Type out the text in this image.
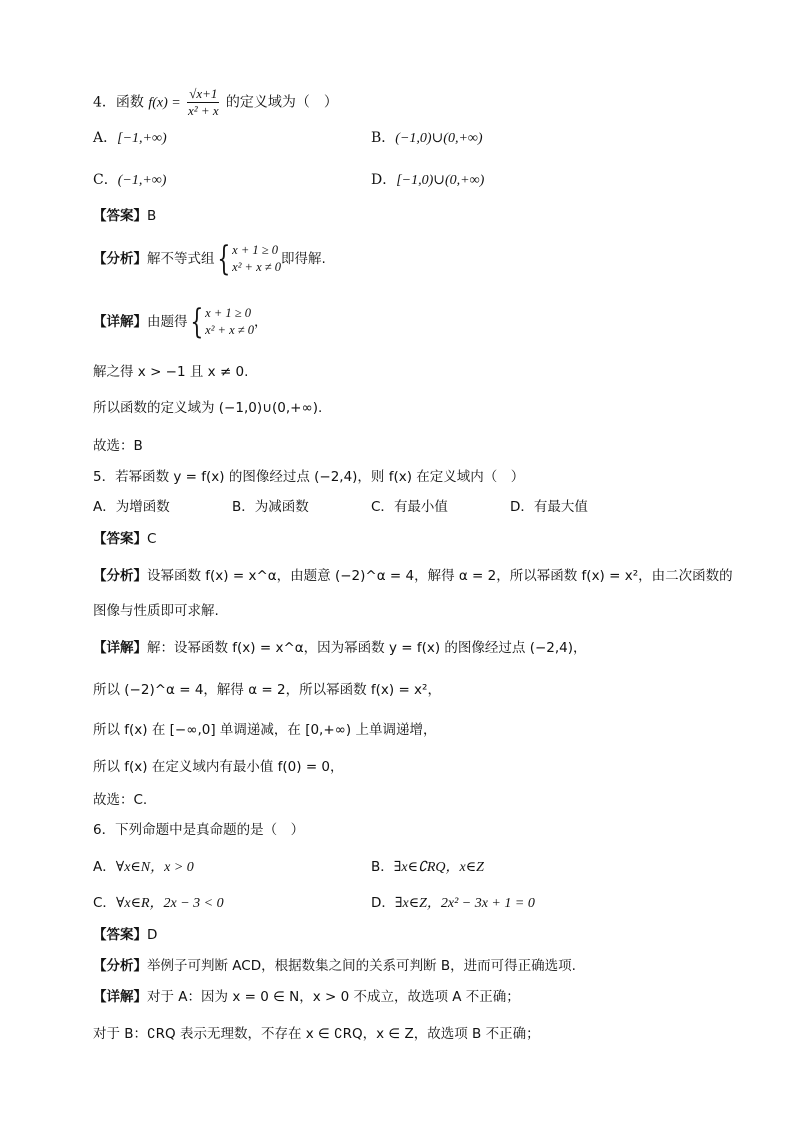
4．函数 $f(x) = \frac{√x+1}{\text{x² + x}}$ 的定义域为（　）
A．[−1,+∞)	B．(−1,0)∪(0,+∞)
C．(−1,+∞)	D．[−1,0)∪(0,+∞)
【答案】B
【分析】解不等式组{ x + 1 ≥ 0
x² + x ≠ 0 即得解.
【详解】由题得{ x + 1 ≥ 0
x² + x ≠ 0 ，
解之得 x > −1 且 x ≠ 0.
所以函数的定义域为 (−1,0)∪(0,+∞).
故选：B
5．若幂函数 y = f(x) 的图像经过点 (−2,4)，则 f(x) 在定义域内（　）
A．为增函数	B．为减函数	C．有最小值	D．有最大值
【答案】C
【分析】设幂函数 f(x) = x^α，由题意 (−2)^α = 4，解得 α = 2，所以幂函数 f(x) = x²，由二次函数的
图像与性质即可求解.
【详解】解：设幂函数 f(x) = x^α，因为幂函数 y = f(x) 的图像经过点 (−2,4)，
所以 (−2)^α = 4，解得 α = 2，所以幂函数 f(x) = x²，
所以 f(x) 在 [−∞,0] 单调递减，在 [0,+∞) 上单调递增，
所以 f(x) 在定义域内有最小值 f(0) = 0，
故选：C.
6．下列命题中是真命题的是（　）
A．∀x∈N，x > 0	B．∃x∈∁RQ，x∈Z
C．∀x∈R，2x − 3 < 0	D．∃x∈Z，2x² − 3x + 1 = 0
【答案】D
【分析】举例子可判断 ACD，根据数集之间的关系可判断 B，进而可得正确选项.
【详解】对于 A：因为 x = 0 ∈ N，x > 0 不成立，故选项 A 不正确；
对于 B：∁RQ 表示无理数，不存在 x ∈ ∁RQ，x ∈ Z，故选项 B 不正确；
